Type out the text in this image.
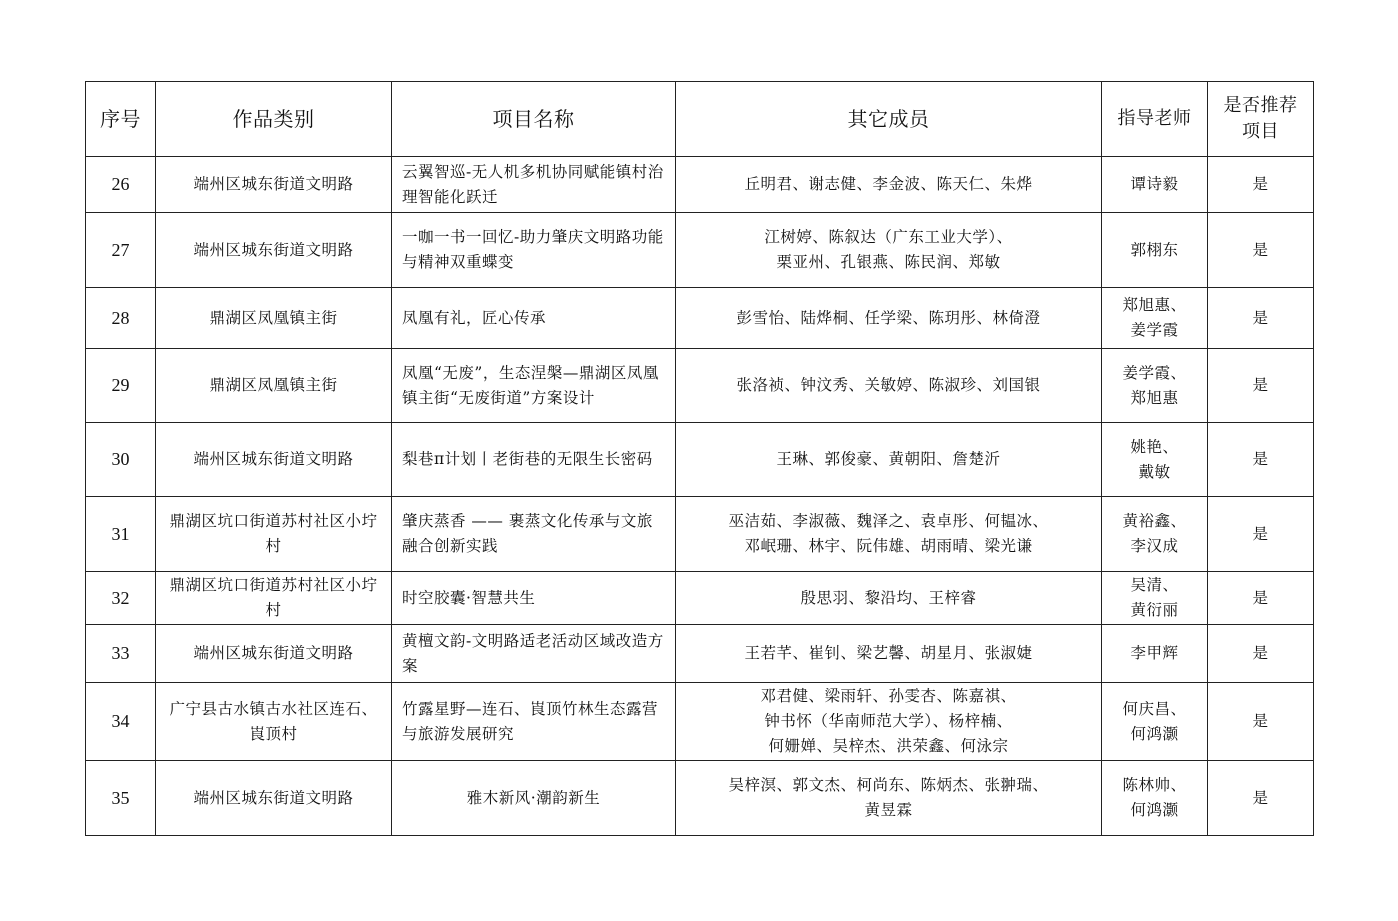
序号	作品类别	项目名称	其它成员	指导老师	是否推荐
项目

26	端州区城东街道文明路	云翼智巡-无人机多机协同赋能镇村治理智能化跃迁	丘明君、谢志健、李金波、陈天仁、朱烨	谭诗毅	是
27	端州区城东街道文明路	一咖一书一回忆-助力肇庆文明路功能与精神双重蝶变	江树婷、陈叙达（广东工业大学）、
栗亚州、孔银燕、陈民润、郑敏	郭栩东	是
28	鼎湖区凤凰镇主街	凤凰有礼，匠心传承	彭雪怡、陆烨桐、任学梁、陈玥彤、林倚澄	郑旭惠、
姜学霞	是
29	鼎湖区凤凰镇主街	凤凰“无废”，生态涅槃—鼎湖区凤凰镇主街“无废街道”方案设计	张洛祯、钟汶秀、关敏婷、陈淑珍、刘国银	姜学霞、
郑旭惠	是
30	端州区城东街道文明路	梨巷π计划丨老街巷的无限生长密码	王琳、郭俊豪、黄朝阳、詹楚沂	姚艳、
戴敏	是
31	鼎湖区坑口街道苏村社区小坾村	肇庆蒸香 —— 裹蒸文化传承与文旅融合创新实践	巫洁茹、李淑薇、魏泽之、袁卓彤、何韫冰、
邓岷珊、林宇、阮伟雄、胡雨晴、梁光谦	黄裕鑫、
李汉成	是
32	鼎湖区坑口街道苏村社区小坾村	时空胶囊·智慧共生	殷思羽、黎沿均、王梓睿	吴清、
黄衍丽	是
33	端州区城东街道文明路	黄檀文韵-文明路适老活动区域改造方案	王若芊、崔钊、梁艺馨、胡星月、张淑婕	李甲辉	是
34	广宁县古水镇古水社区连石、崀顶村	竹露星野—连石、崀顶竹林生态露营与旅游发展研究	邓君健、梁雨轩、孙雯杏、陈嘉祺、
钟书怀（华南师范大学）、杨梓楠、
何姗婵、吴梓杰、洪荣鑫、何泳宗	何庆昌、
何鸿灏	是
35	端州区城东街道文明路	雅木新风·潮韵新生	吴梓溟、郭文杰、柯尚东、陈炳杰、张翀瑞、
黄昱霖	陈林帅、
何鸿灏	是
